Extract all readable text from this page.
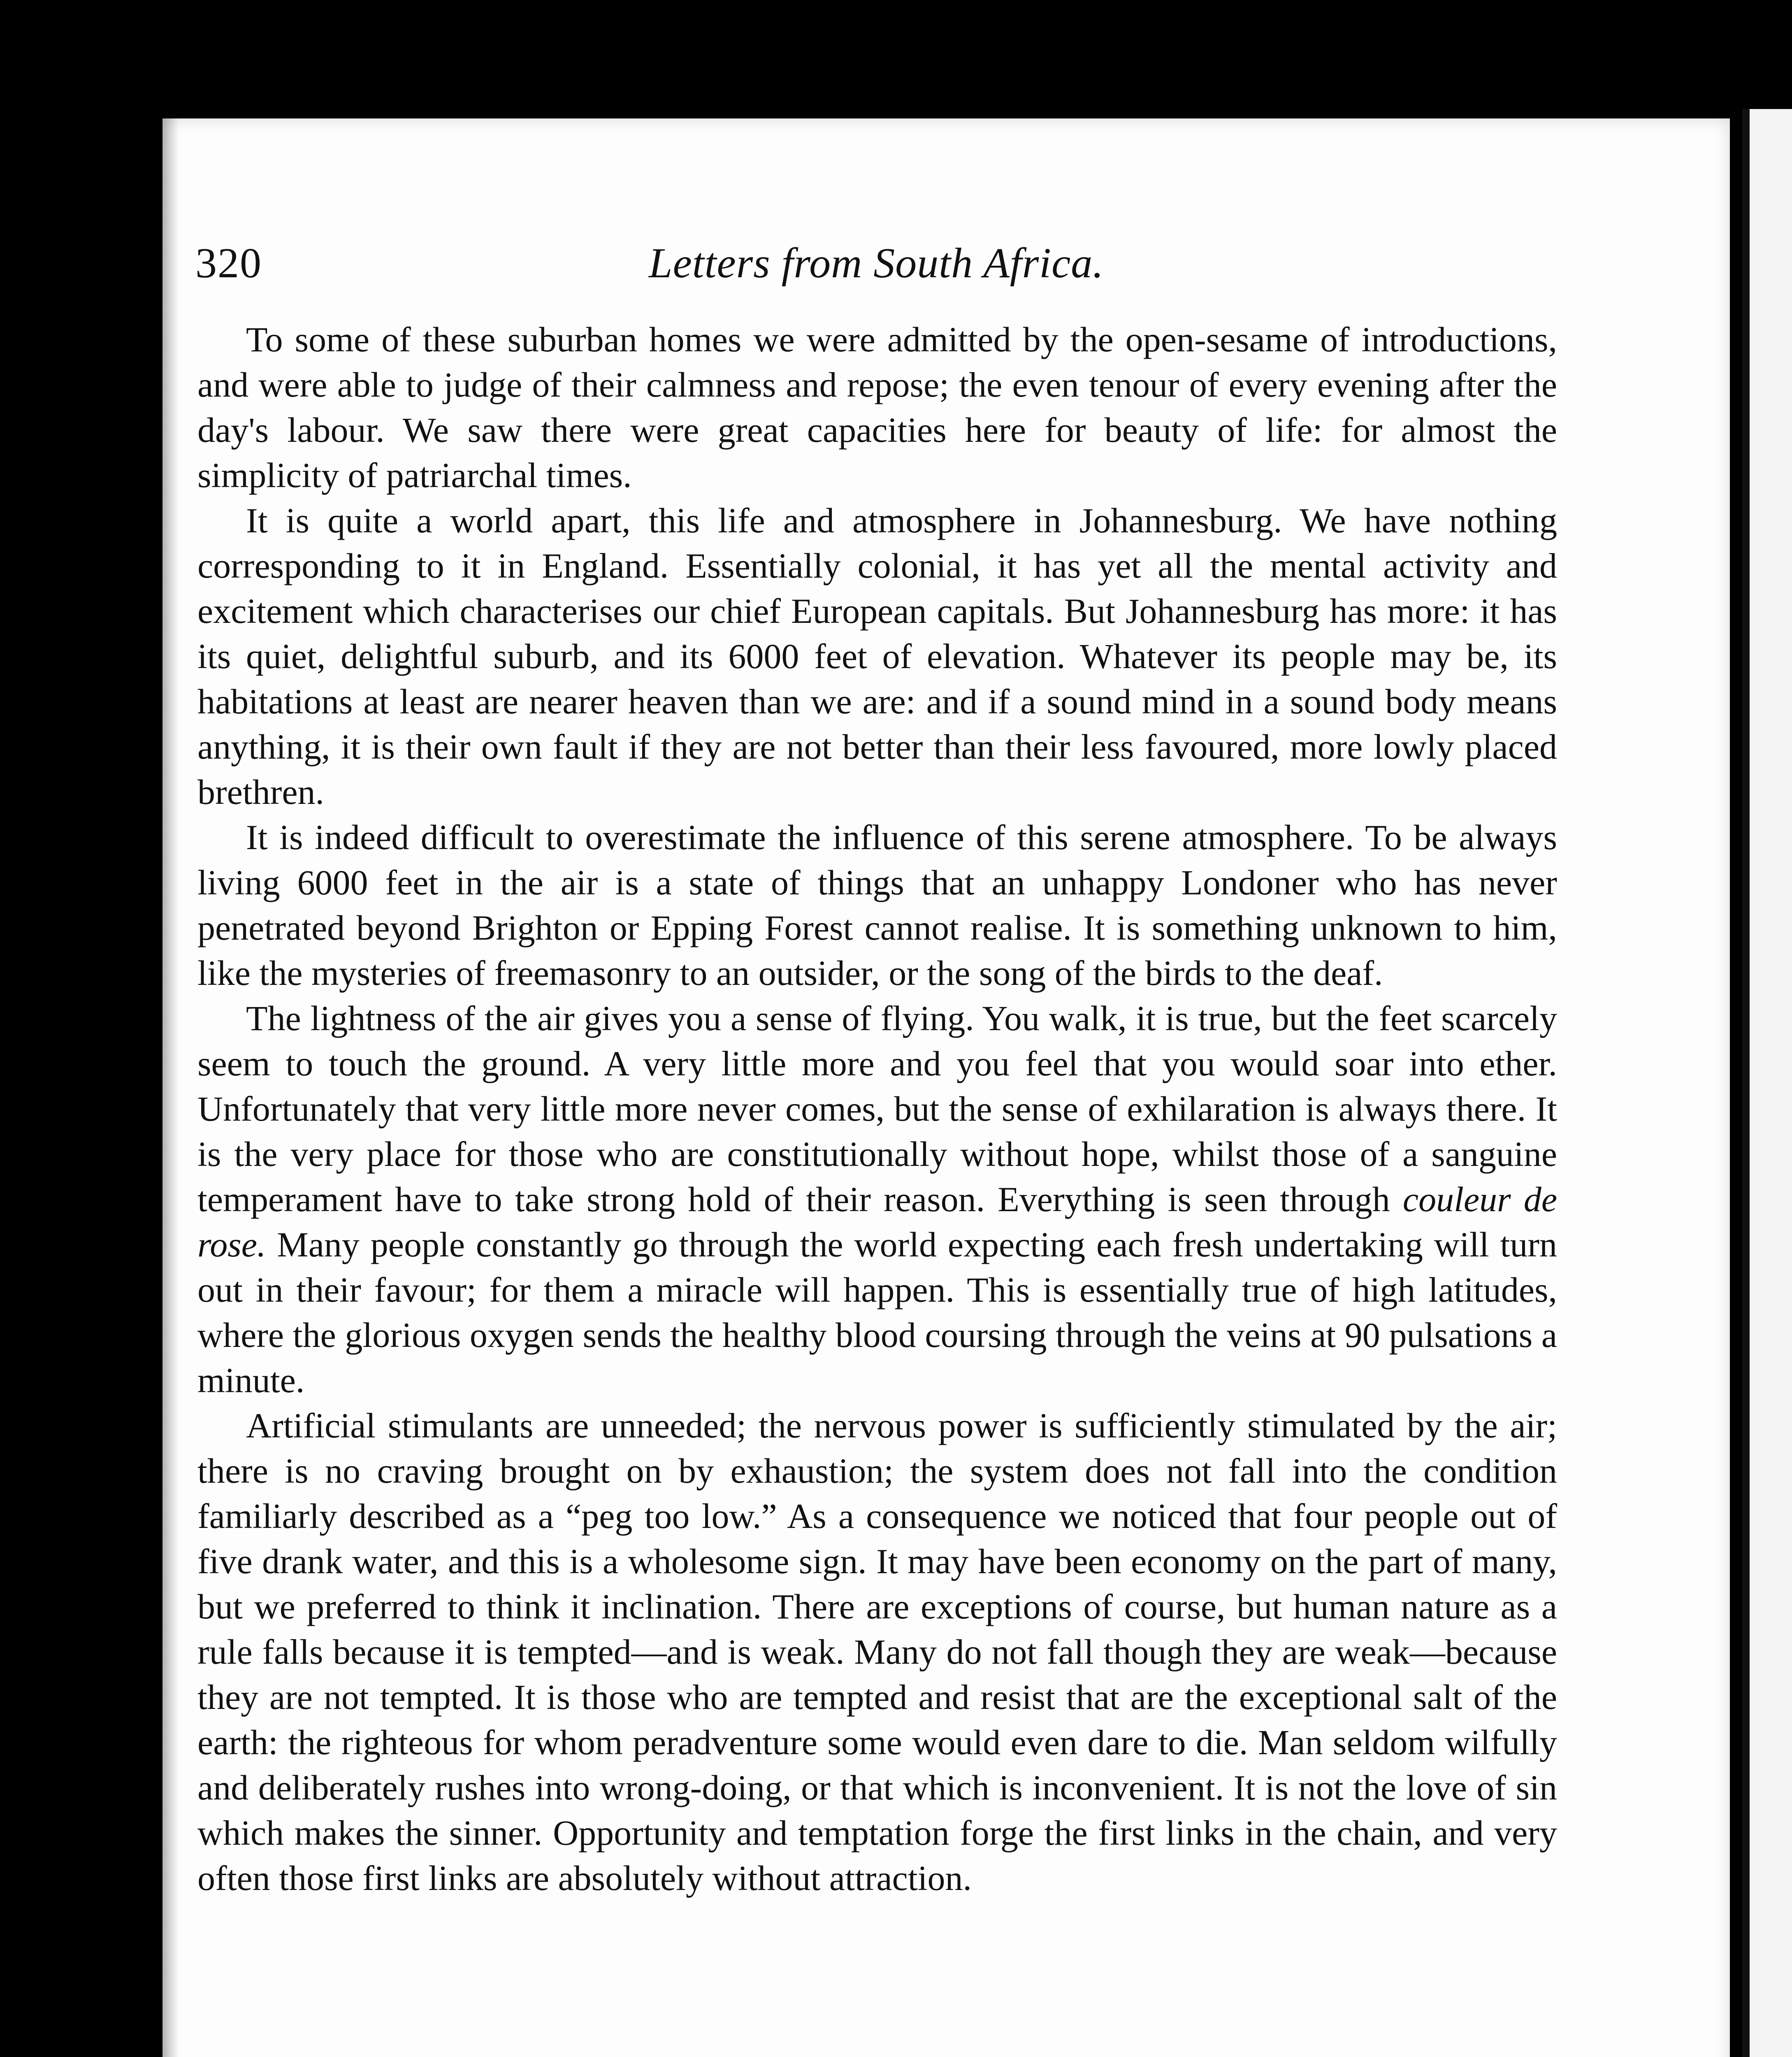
320	Letters from South Africa.

To some of these suburban homes we were admitted by the open-sesame of introductions, and were able to judge of their calmness and repose; the even tenour of every evening after the day's labour. We saw there were great capacities here for beauty of life: for almost the simplicity of patriarchal times.

It is quite a world apart, this life and atmosphere in Johannesburg. We have nothing corresponding to it in England. Essentially colonial, it has yet all the mental activity and excitement which characterises our chief European capitals. But Johannesburg has more: it has its quiet, delightful suburb, and its 6000 feet of elevation. Whatever its people may be, its habitations at least are nearer heaven than we are: and if a sound mind in a sound body means anything, it is their own fault if they are not better than their less favoured, more lowly placed brethren.

It is indeed difficult to overestimate the influence of this serene atmosphere. To be always living 6000 feet in the air is a state of things that an unhappy Londoner who has never penetrated beyond Brighton or Epping Forest cannot realise. It is something unknown to him, like the mysteries of freemasonry to an outsider, or the song of the birds to the deaf.

The lightness of the air gives you a sense of flying. You walk, it is true, but the feet scarcely seem to touch the ground. A very little more and you feel that you would soar into ether. Unfortunately that very little more never comes, but the sense of exhilaration is always there. It is the very place for those who are constitutionally without hope, whilst those of a sanguine temperament have to take strong hold of their reason. Everything is seen through couleur de rose. Many people constantly go through the world expecting each fresh undertaking will turn out in their favour; for them a miracle will happen. This is essentially true of high latitudes, where the glorious oxygen sends the healthy blood coursing through the veins at 90 pulsations a minute.

Artificial stimulants are unneeded; the nervous power is sufficiently stimulated by the air; there is no craving brought on by exhaustion; the system does not fall into the condition familiarly described as a “peg too low.” As a consequence we noticed that four people out of five drank water, and this is a wholesome sign. It may have been economy on the part of many, but we preferred to think it inclination. There are exceptions of course, but human nature as a rule falls because it is tempted—and is weak. Many do not fall though they are weak—because they are not tempted. It is those who are tempted and resist that are the exceptional salt of the earth: the righteous for whom peradventure some would even dare to die. Man seldom wilfully and deliberately rushes into wrong-doing, or that which is inconvenient. It is not the love of sin which makes the sinner. Opportunity and temptation forge the first links in the chain, and very often those first links are absolutely without attraction.
